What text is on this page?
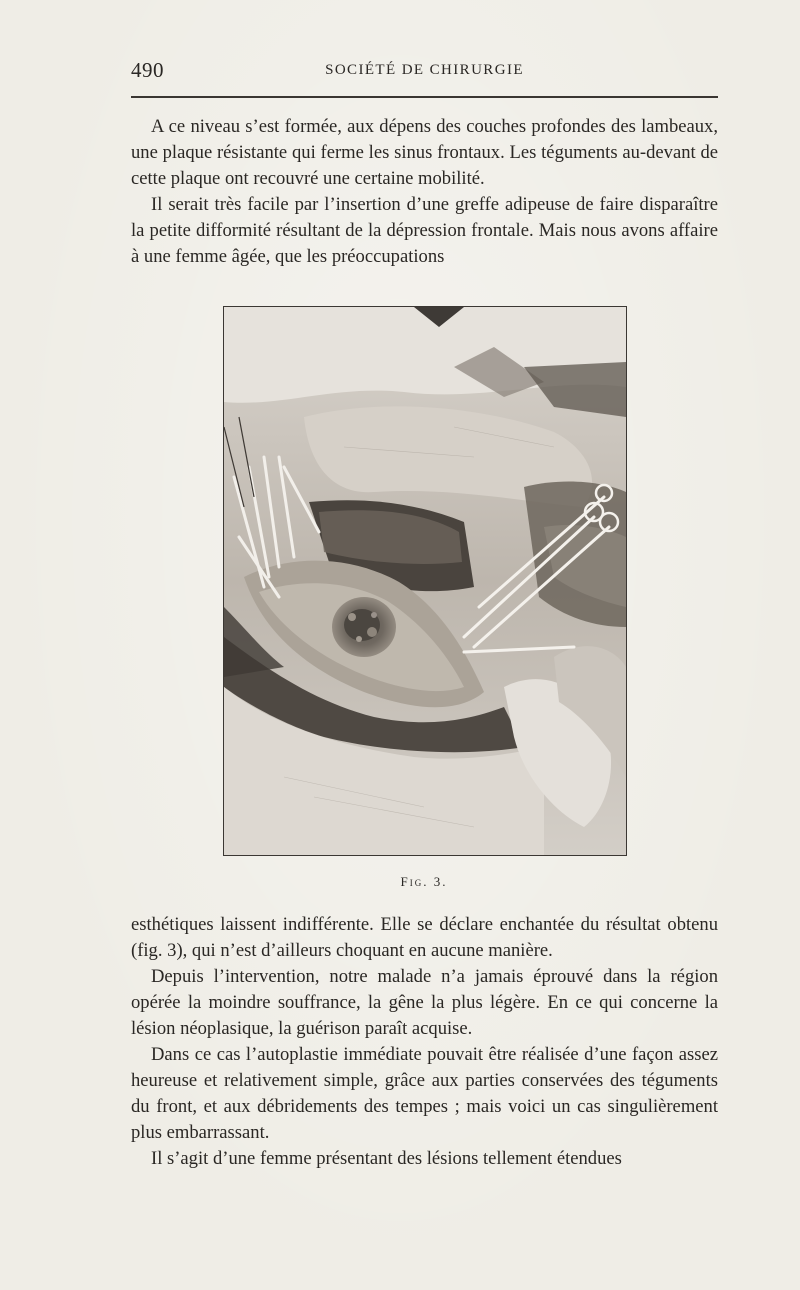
490	SOCIÉTÉ DE CHIRURGIE

A ce niveau s’est formée, aux dépens des couches profondes des lambeaux, une plaque résistante qui ferme les sinus frontaux. Les téguments au-devant de cette plaque ont recouvré une certaine mobilité.

Il serait très facile par l’insertion d’une greffe adipeuse de faire disparaître la petite difformité résultant de la dépression frontale. Mais nous avons affaire à une femme âgée, que les préoccupations

Fig. 3.

esthétiques laissent indifférente. Elle se déclare enchantée du résultat obtenu (fig. 3), qui n’est d’ailleurs choquant en aucune manière.

Depuis l’intervention, notre malade n’a jamais éprouvé dans la région opérée la moindre souffrance, la gêne la plus légère. En ce qui concerne la lésion néoplasique, la guérison paraît acquise.

Dans ce cas l’autoplastie immédiate pouvait être réalisée d’une façon assez heureuse et relativement simple, grâce aux parties conservées des téguments du front, et aux débridements des tempes ; mais voici un cas singulièrement plus embarrassant.

Il s’agit d’une femme présentant des lésions tellement étendues
